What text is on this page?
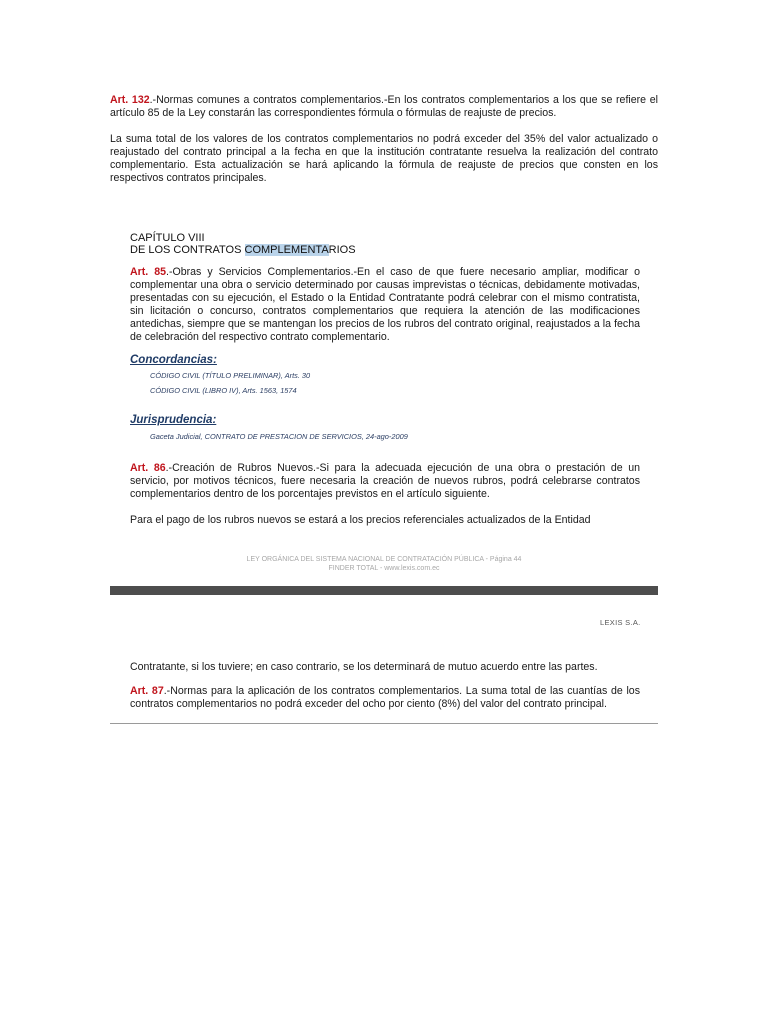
Art. 132.-Normas comunes a contratos complementarios.-En los contratos complementarios a los que se refiere el artículo 85 de la Ley constarán las correspondientes fórmula o fórmulas de reajuste de precios.

La suma total de los valores de los contratos complementarios no podrá exceder del 35% del valor actualizado o reajustado del contrato principal a la fecha en que la institución contratante resuelva la realización del contrato complementario. Esta actualización se hará aplicando la fórmula de reajuste de precios que consten en los respectivos contratos principales.

CAPÍTULO VIII
DE LOS CONTRATOS COMPLEMENTARIOS

Art. 85.-Obras y Servicios Complementarios.-En el caso de que fuere necesario ampliar, modificar o complementar una obra o servicio determinado por causas imprevistas o técnicas, debidamente motivadas, presentadas con su ejecución, el Estado o la Entidad Contratante podrá celebrar con el mismo contratista, sin licitación o concurso, contratos complementarios que requiera la atención de las modificaciones antedichas, siempre que se mantengan los precios de los rubros del contrato original, reajustados a la fecha de celebración del respectivo contrato complementario.

Concordancias:
CÓDIGO CIVIL (TÍTULO PRELIMINAR), Arts. 30
CÓDIGO CIVIL (LIBRO IV), Arts. 1563, 1574
Jurisprudencia:
Gaceta Judicial, CONTRATO DE PRESTACION DE SERVICIOS, 24-ago-2009

Art. 86.-Creación de Rubros Nuevos.-Si para la adecuada ejecución de una obra o prestación de un servicio, por motivos técnicos, fuere necesaria la creación de nuevos rubros, podrá celebrarse contratos complementarios dentro de los porcentajes previstos en el artículo siguiente.

Para el pago de los rubros nuevos se estará a los precios referenciales actualizados de la Entidad

LEY ORGÁNICA DEL SISTEMA NACIONAL DE CONTRATACIÓN PÚBLICA - Página 44
FINDER TOTAL - www.lexis.com.ec
LEXIS S.A.

Contratante, si los tuviere; en caso contrario, se los determinará de mutuo acuerdo entre las partes.

Art. 87.-Normas para la aplicación de los contratos complementarios. La suma total de las cuantías de los contratos complementarios no podrá exceder del ocho por ciento (8%) del valor del contrato principal.
